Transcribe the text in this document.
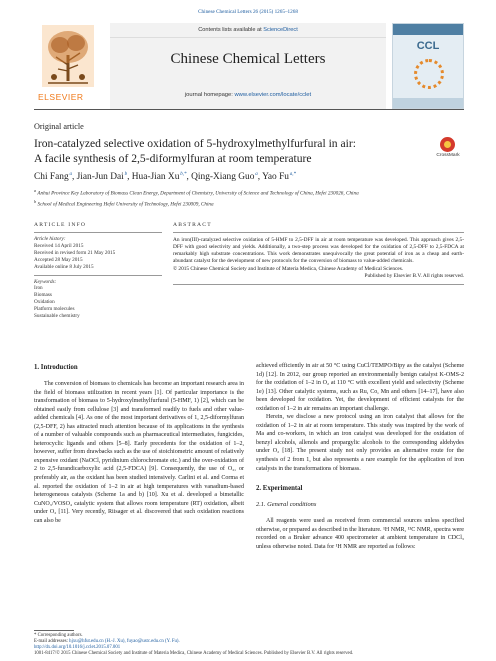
Chinese Chemical Letters 26 (2015) 1265–1268
ELSEVIER
Contents lists available at ScienceDirect
Chinese Chemical Letters
journal homepage: www.elsevier.com/locate/cclet
CCL
Original article
Iron-catalyzed selective oxidation of 5-hydroxylmethylfurfural in air:
A facile synthesis of 2,5-diformylfuran at room temperature	CrossMark
Chi Fang $^a$, Jian-Jun Dai $^b$, Hua-Jian Xu $^{b,*}$, Qing-Xiang Guo $^a$, Yao Fu $^{a,*}$
$^a$ Anhui Province Key Laboratory of Biomass Clean Energy, Department of Chemistry, University of Science and Technology of China, Hefei 230026, China
$^b$ School of Medical Engineering Hefei University of Technology, Hefei 230009, China
ARTICLE INFO
Article history:
Received 14 April 2015
Received in revised form 21 May 2015
Accepted 28 May 2015
Available online 8 July 2015
Keywords:
Iron
Biomass
Oxidation
Platform molecules
Sustainable chemistry
ABSTRACT
An iron(III)-catalyzed selective oxidation of 5-HMF to 2,5-DFF in air at room temperature was developed. This approach gives 2,5-DFF with good selectivity and yields. Additionally, a two-step process was developed for the oxidation of 2,5-DFF to 2,5-FDCA at remarkably high substrate concentrations. This work demonstrates unequivocally the great potential of iron as a cheap and earth-abundant catalyst for the development of new protocols for the conversion of biomass to value-added chemicals.
© 2015 Chinese Chemical Society and Institute of Materia Medica, Chinese Academy of Medical Sciences.
Published by Elsevier B.V. All rights reserved.
1. Introduction

The conversion of biomass to chemicals has become an important research area in the field of biomass utilization in recent years [1]. Of particular importance is the transformation of biomass to 5-hydroxylmethylfurfural (5-HMF, 1) [2], which can be obtained easily from cellulose [3] and transformed readily to fuels and other value-added chemicals [4]. As one of the most important derivatives of 1, 2,5-diformylfuran (2,5-DFF, 2) has attracted much attention because of its applications in the synthesis of a number of valuable compounds such as pharmaceutical intermediates, fungicides, heterocyclic ligands and others [5–8]. Early precedents for the oxidation of 1–2, however, suffer from drawbacks such as the use of stoichiometric amount of relatively expensive oxidant (NaOCl, pyridinium chlorochromate etc.) and the over-oxidation of 2 to 2,5-furandicarboxylic acid (2,5-FDCA) [9]. Consequently, the use of O₂, or preferably air, as the oxidant has been studied intensively. Carlini et al. and Corma et al. reported the oxidation of 1–2 in air at high temperatures with vanadium-based heterogeneous catalysts (Scheme 1a and b) [10]. Xu et al. developed a bimetallic CuNO₃/VOSO₄ catalytic system that allows room temperature (RT) oxidation, albeit under O₂ [11]. Very recently, Riisager et al. discovered that such oxidation reactions can also be

achieved efficiently in air at 50 °C using CuCl/TEMPO/Bipy as the catalyst (Scheme 1d) [12]. In 2012, our group reported an environmentally benign catalyst K-OMS-2 for the oxidation of 1–2 in O₂ at 110 °C with excellent yield and selectivity (Scheme 1e) [13]. Other catalytic systems, such as Ru, Co, Mn and others [14–17], have also been developed for oxidation. Yet, the development of efficient catalysts for the oxidation of 1–2 in air remains an important challenge.

Herein, we disclose a new protocol using an iron catalyst that allows for the oxidation of 1–2 in air at room temperature. This study was inspired by the work of Ma and co-workers, in which an iron catalyst was developed for the oxidation of benzyl alcohols, allenols and propargylic alcohols to the corresponding aldehydes under O₂ [18]. The present study not only provides an alternative route for the synthesis of 2 from 1, but also represents a rare example for the application of iron catalysts in the transformations of biomass.

2. Experimental
2.1. General conditions

All reagents were used as received from commercial sources unless specified otherwise, or prepared as described in the literature. ¹H NMR, ¹³C NMR, spectra were recorded on a Bruker advance 400 spectrometer at ambient temperature in CDCl₃ unless otherwise noted. Data for ¹H NMR are reported as follows:

* Corresponding authors.
E-mail addresses: hjxu@hfut.edu.cn (H.-J. Xu), fuyao@ustc.edu.cn (Y. Fu).
http://dx.doi.org/10.1016/j.cclet.2015.07.001
1001-8417/© 2015 Chinese Chemical Society and Institute of Materia Medica, Chinese Academy of Medical Sciences. Published by Elsevier B.V. All rights reserved.
